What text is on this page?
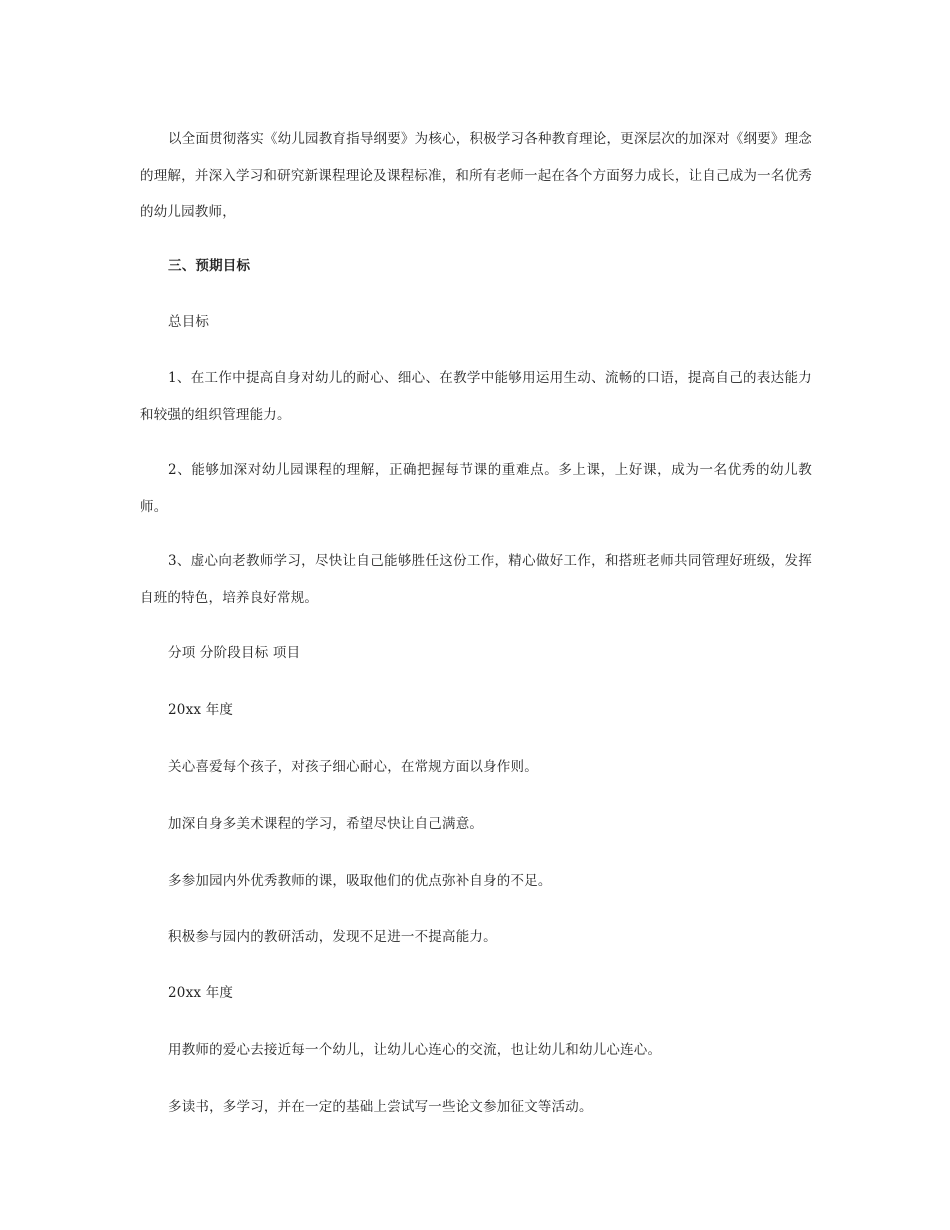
以全面贯彻落实《幼儿园教育指导纲要》为核心，积极学习各种教育理论，更深层次的加深对《纲要》理念的理解，并深入学习和研究新课程理论及课程标准，和所有老师一起在各个方面努力成长，让自己成为一名优秀的幼儿园教师，

三、预期目标

总目标

1、在工作中提高自身对幼儿的耐心、细心、在教学中能够用运用生动、流畅的口语，提高自己的表达能力和较强的组织管理能力。

2、能够加深对幼儿园课程的理解，正确把握每节课的重难点。多上课，上好课，成为一名优秀的幼儿教师。

3、虚心向老教师学习，尽快让自己能够胜任这份工作，精心做好工作，和搭班老师共同管理好班级，发挥自班的特色，培养良好常规。

分项 分阶段目标 项目

20xx 年度

关心喜爱每个孩子，对孩子细心耐心，在常规方面以身作则。

加深自身多美术课程的学习，希望尽快让自己满意。

多参加园内外优秀教师的课，吸取他们的优点弥补自身的不足。

积极参与园内的教研活动，发现不足进一不提高能力。

20xx 年度

用教师的爱心去接近每一个幼儿，让幼儿心连心的交流，也让幼儿和幼儿心连心。

多读书，多学习，并在一定的基础上尝试写一些论文参加征文等活动。
